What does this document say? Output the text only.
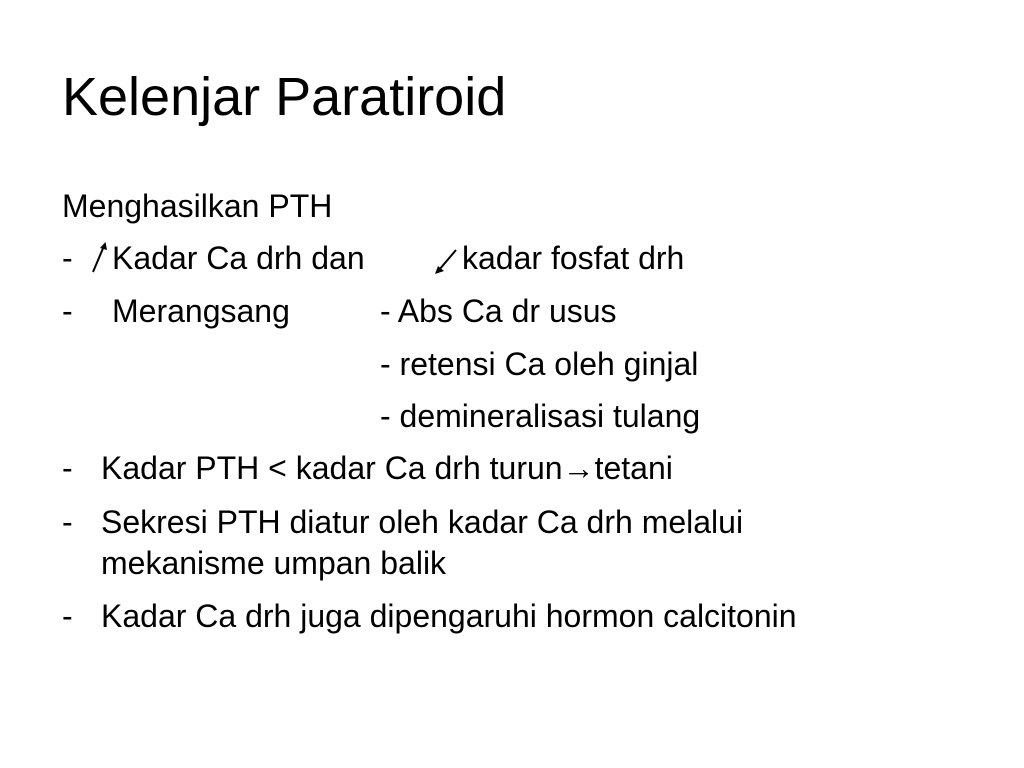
Kelenjar Paratiroid
Menghasilkan PTH
- Kadar Ca drh dan	kadar fosfat drh
- Merangsang	- Abs Ca dr usus
- retensi Ca oleh ginjal
- demineralisasi tulang
- Kadar PTH < kadar Ca drh turun→tetani
- Sekresi PTH diatur oleh kadar Ca drh melalui
mekanisme umpan balik
- Kadar Ca drh juga dipengaruhi hormon calcitonin
